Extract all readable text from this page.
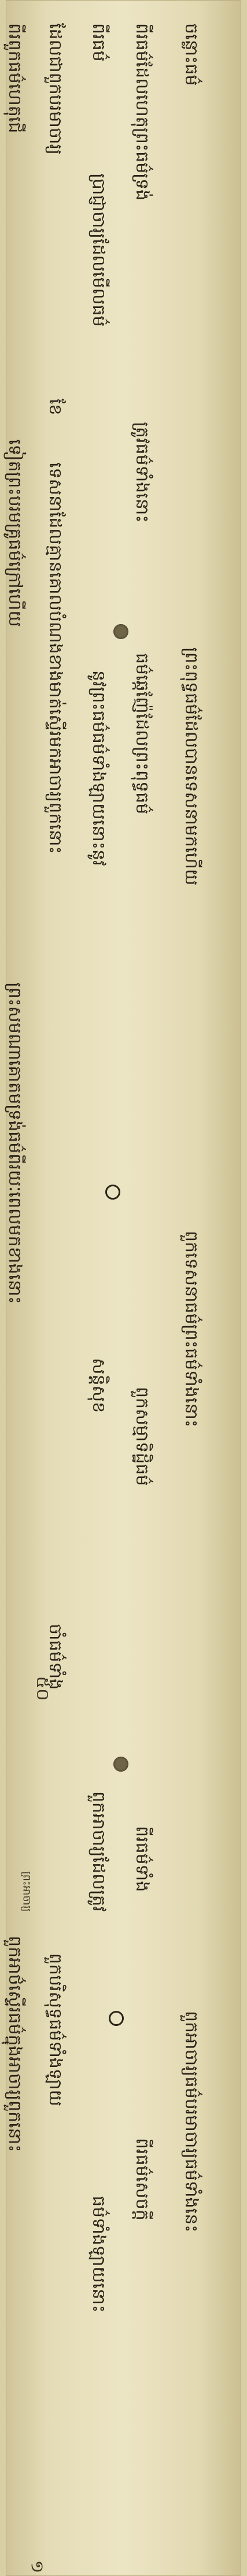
ពីរពួកធម៌ហេតុជើ
ទៀតព្រះបរមគ្រូធម៌ក្រៅហើយ
ព្រះសមណាគោតមទ្រង់ធម៌ពីរយៈពេលមកខាងនោះ
ពួកអាថ៌ស្ទើរធម៌ក្នុងអាចារ្យពួកនោះ
ដែលជាពួកបរមាចារ្យ
ខែ
ទេសនាដែលគ្មានគោលបំណងខាងមាត់ស្ទើរមកអាចារ្យពួកនោះ
ចាំធម៌ទាំង
ពួកបរិសុទ្ធធម៌ទាំងឡាយ
ពីរធម៌
ប្រាជ្ញាចារ្យដែលមើលធម៌
នូវព្រះធម៌ធម៌ទាំងឡាយនោះនូវ
សន្តិសុខ
ពួកអាចារ្យដែលត្រូវ
ធម៌ទាំងឡាយនោះ
ពីរធម៌ដែលហេតុព្រះធម៌ទ្រង់
ត្រូវធម៌ទាំងនោះ
ធម៌ឆ្កេញ៉ែដែលព្រះពុទ្ធធម៌
ពួកសម្មាទិដ្ឋិធម៌
ពីរធម៌ទាំង
ពីរធម៌សេចក្តី
ចន្លោះធម៌
ព្រះពុទ្ធធម៌ដែលបានទេសនាមកហើយ
ពួកទេសនាធម៌ព្រះធម៌ទាំងនោះ
ពួកអាចារ្យធម៌បរមាចារ្យធម៌ទាំងនេះ
៥០
១
ព្រះអាចារ្យ
